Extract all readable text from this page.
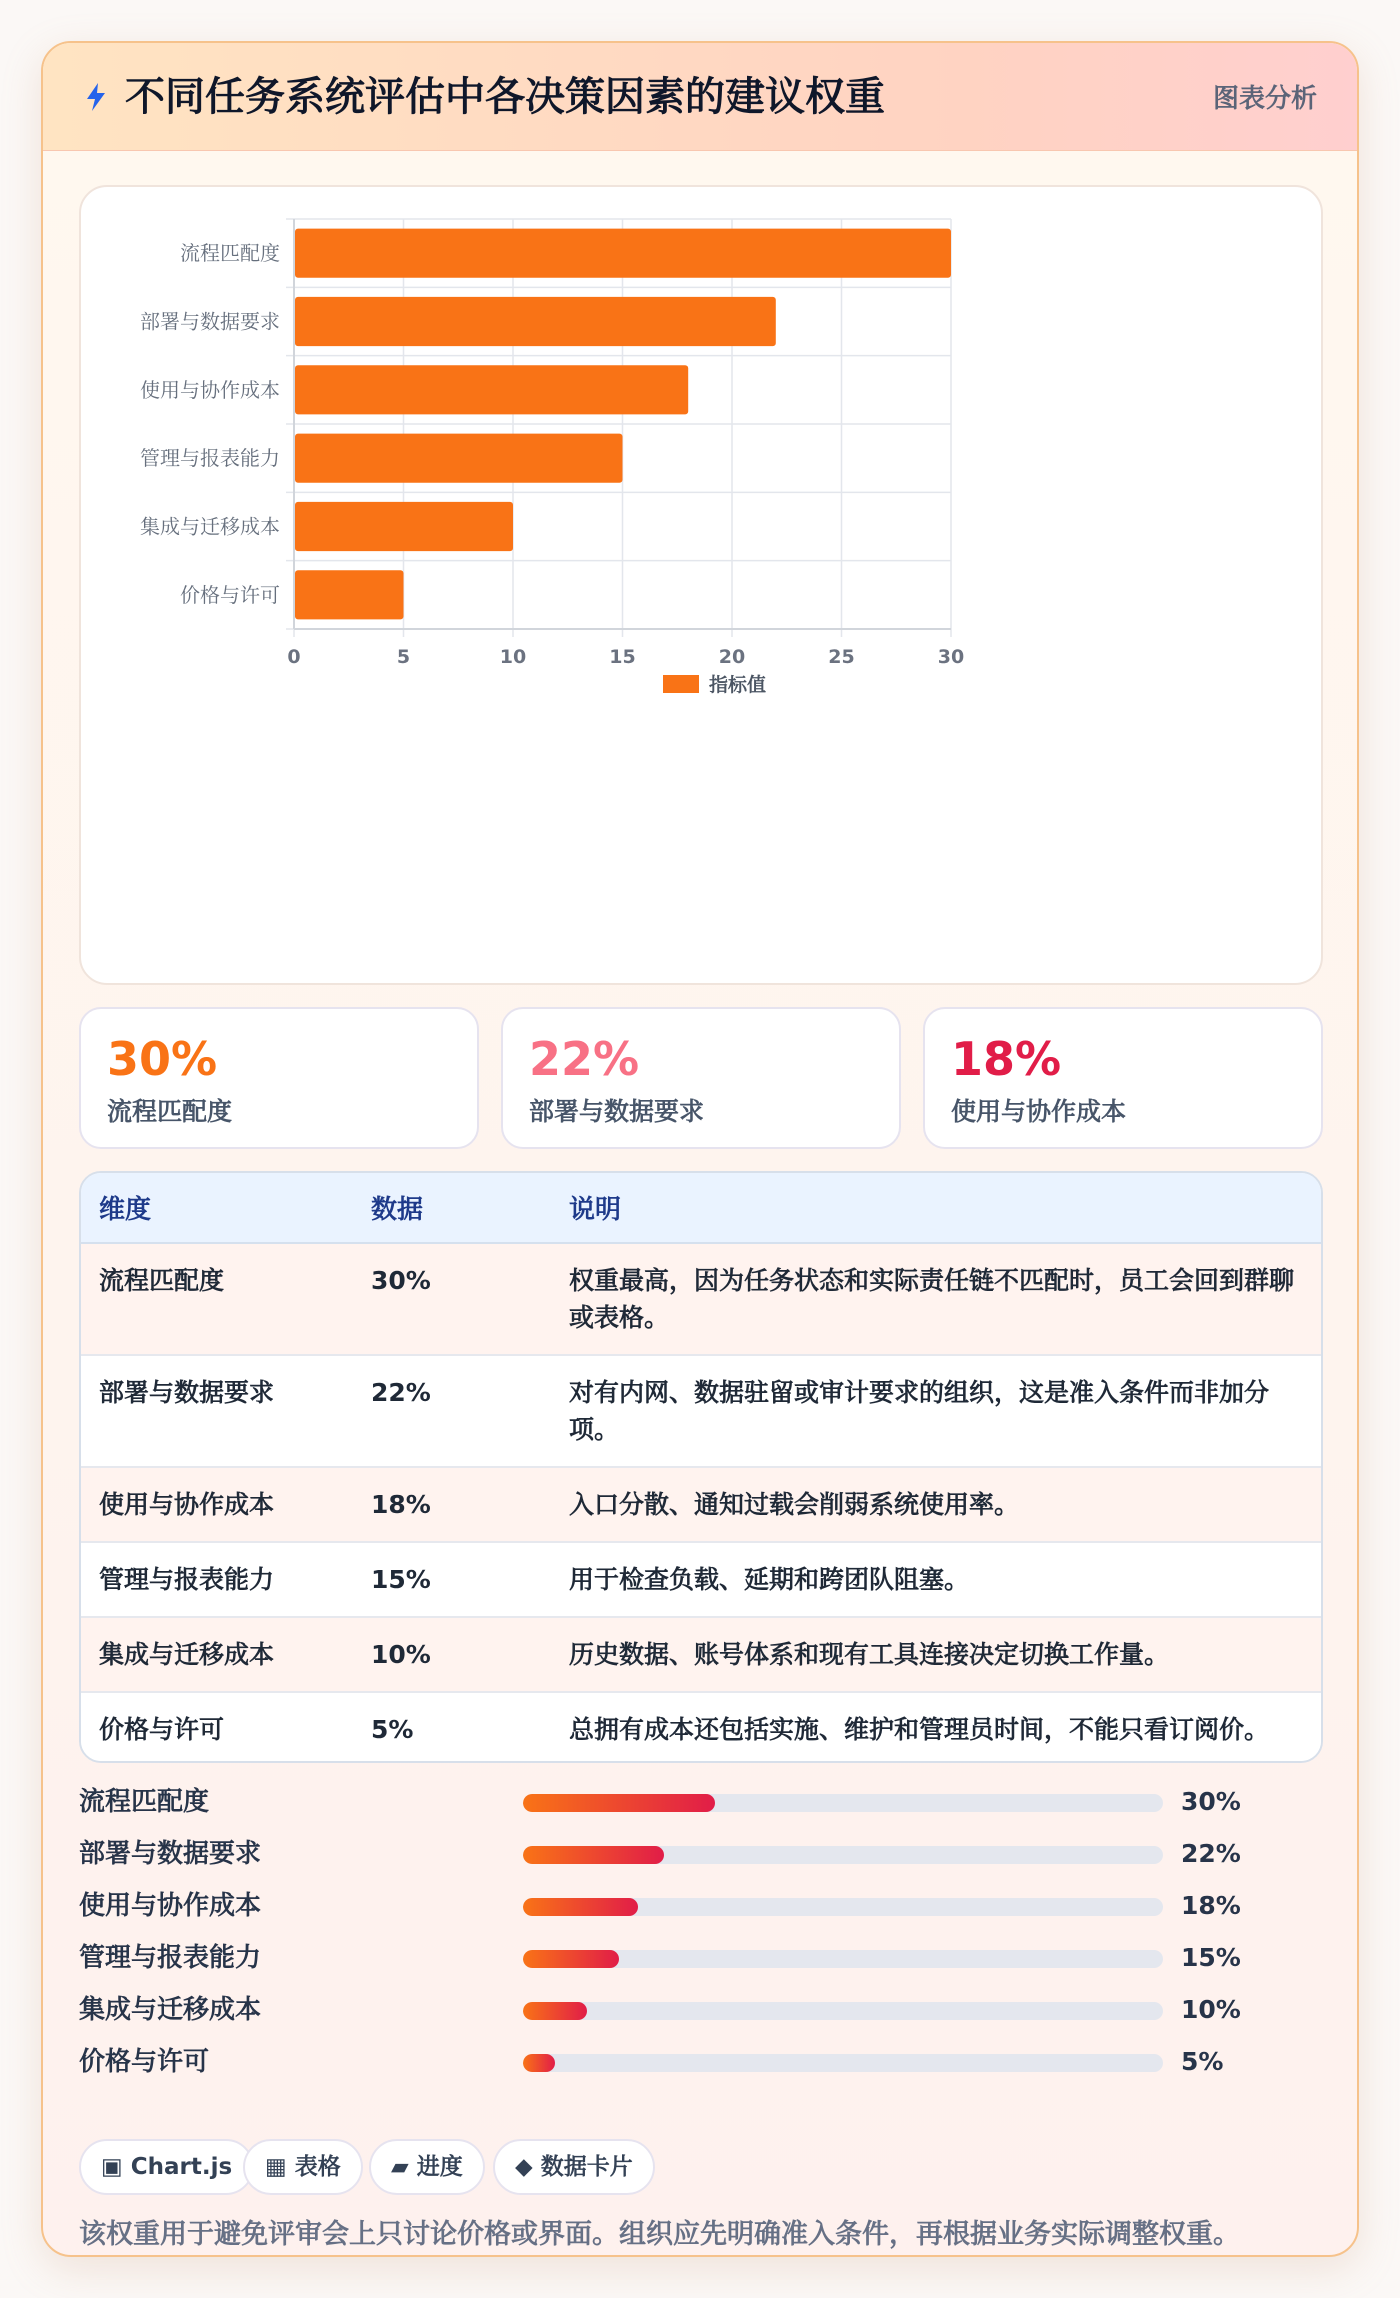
不同任务系统评估中各决策因素的建议权重	图表分析
0	5	10	15	20	25	30
流程匹配度
部署与数据要求
使用与协作成本
管理与报表能力
集成与迁移成本
价格与许可
指标值
30%
流程匹配度
22%
部署与数据要求
18%
使用与协作成本
维度	数据	说明
流程匹配度	30%	权重最高，因为任务状态和实际责任链不匹配时，员工会回到群聊或表格。
部署与数据要求	22%	对有内网、数据驻留或审计要求的组织，这是准入条件而非加分项。
使用与协作成本	18%	入口分散、通知过载会削弱系统使用率。
管理与报表能力	15%	用于检查负载、延期和跨团队阻塞。
集成与迁移成本	10%	历史数据、账号体系和现有工具连接决定切换工作量。
价格与许可	5%	总拥有成本还包括实施、维护和管理员时间，不能只看订阅价。
流程匹配度	30%
部署与数据要求	22%
使用与协作成本	18%
管理与报表能力	15%
集成与迁移成本	10%
价格与许可	5%
▣ Chart.js	▦ 表格	▰ 进度	◆ 数据卡片
该权重用于避免评审会上只讨论价格或界面。组织应先明确准入条件，再根据业务实际调整权重。
